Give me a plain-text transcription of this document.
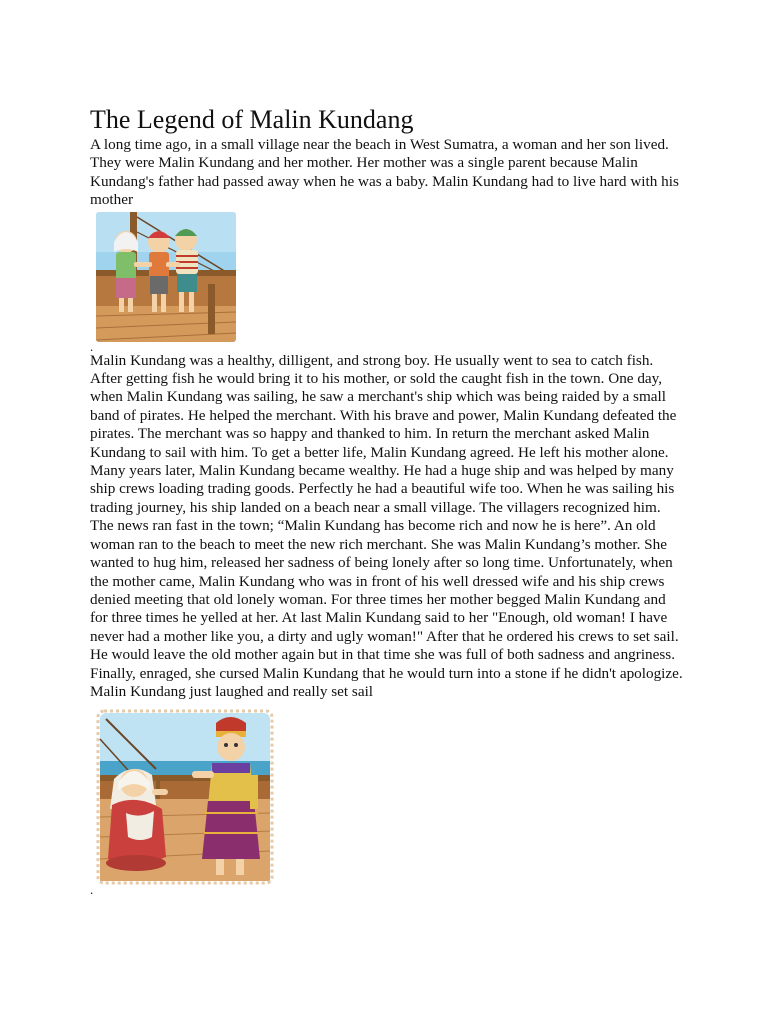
The Legend of Malin Kundang

A long time ago, in a small village near the beach in West Sumatra, a woman and her son lived. They were Malin Kundang and her mother. Her mother was a single parent because Malin Kundang's father had passed away when he was a baby. Malin Kundang had to live hard with his mother

.

Malin Kundang was a healthy, dilligent, and strong boy. He usually went to sea to catch fish. After getting fish he would bring it to his mother, or sold the caught fish in the town. One day, when Malin Kundang was sailing, he saw a merchant's ship which was being raided by a small band of pirates. He helped the merchant. With his brave and power, Malin Kundang defeated the pirates. The merchant was so happy and thanked to him. In return the merchant asked Malin Kundang to sail with him. To get a better life, Malin Kundang agreed. He left his mother alone. Many years later, Malin Kundang became wealthy. He had a huge ship and was helped by many ship crews loading trading goods. Perfectly he had a beautiful wife too. When he was sailing his trading journey, his ship landed on a beach near a small village. The villagers recognized him. The news ran fast in the town; “Malin Kundang has become rich and now he is here”. An old woman ran to the beach to meet the new rich merchant. She was Malin Kundang’s mother. She wanted to hug him, released her sadness of being lonely after so long time. Unfortunately, when the mother came, Malin Kundang who was in front of his well dressed wife and his ship crews denied meeting that old lonely woman. For three times her mother begged Malin Kundang and for three times he yelled at her. At last Malin Kundang said to her "Enough, old woman! I have never had a mother like you, a dirty and ugly woman!" After that he ordered his crews to set sail. He would leave the old mother again but in that time she was full of both sadness and angriness. Finally, enraged, she cursed Malin Kundang that he would turn into a stone if he didn't apologize. Malin Kundang just laughed and really set sail

.
